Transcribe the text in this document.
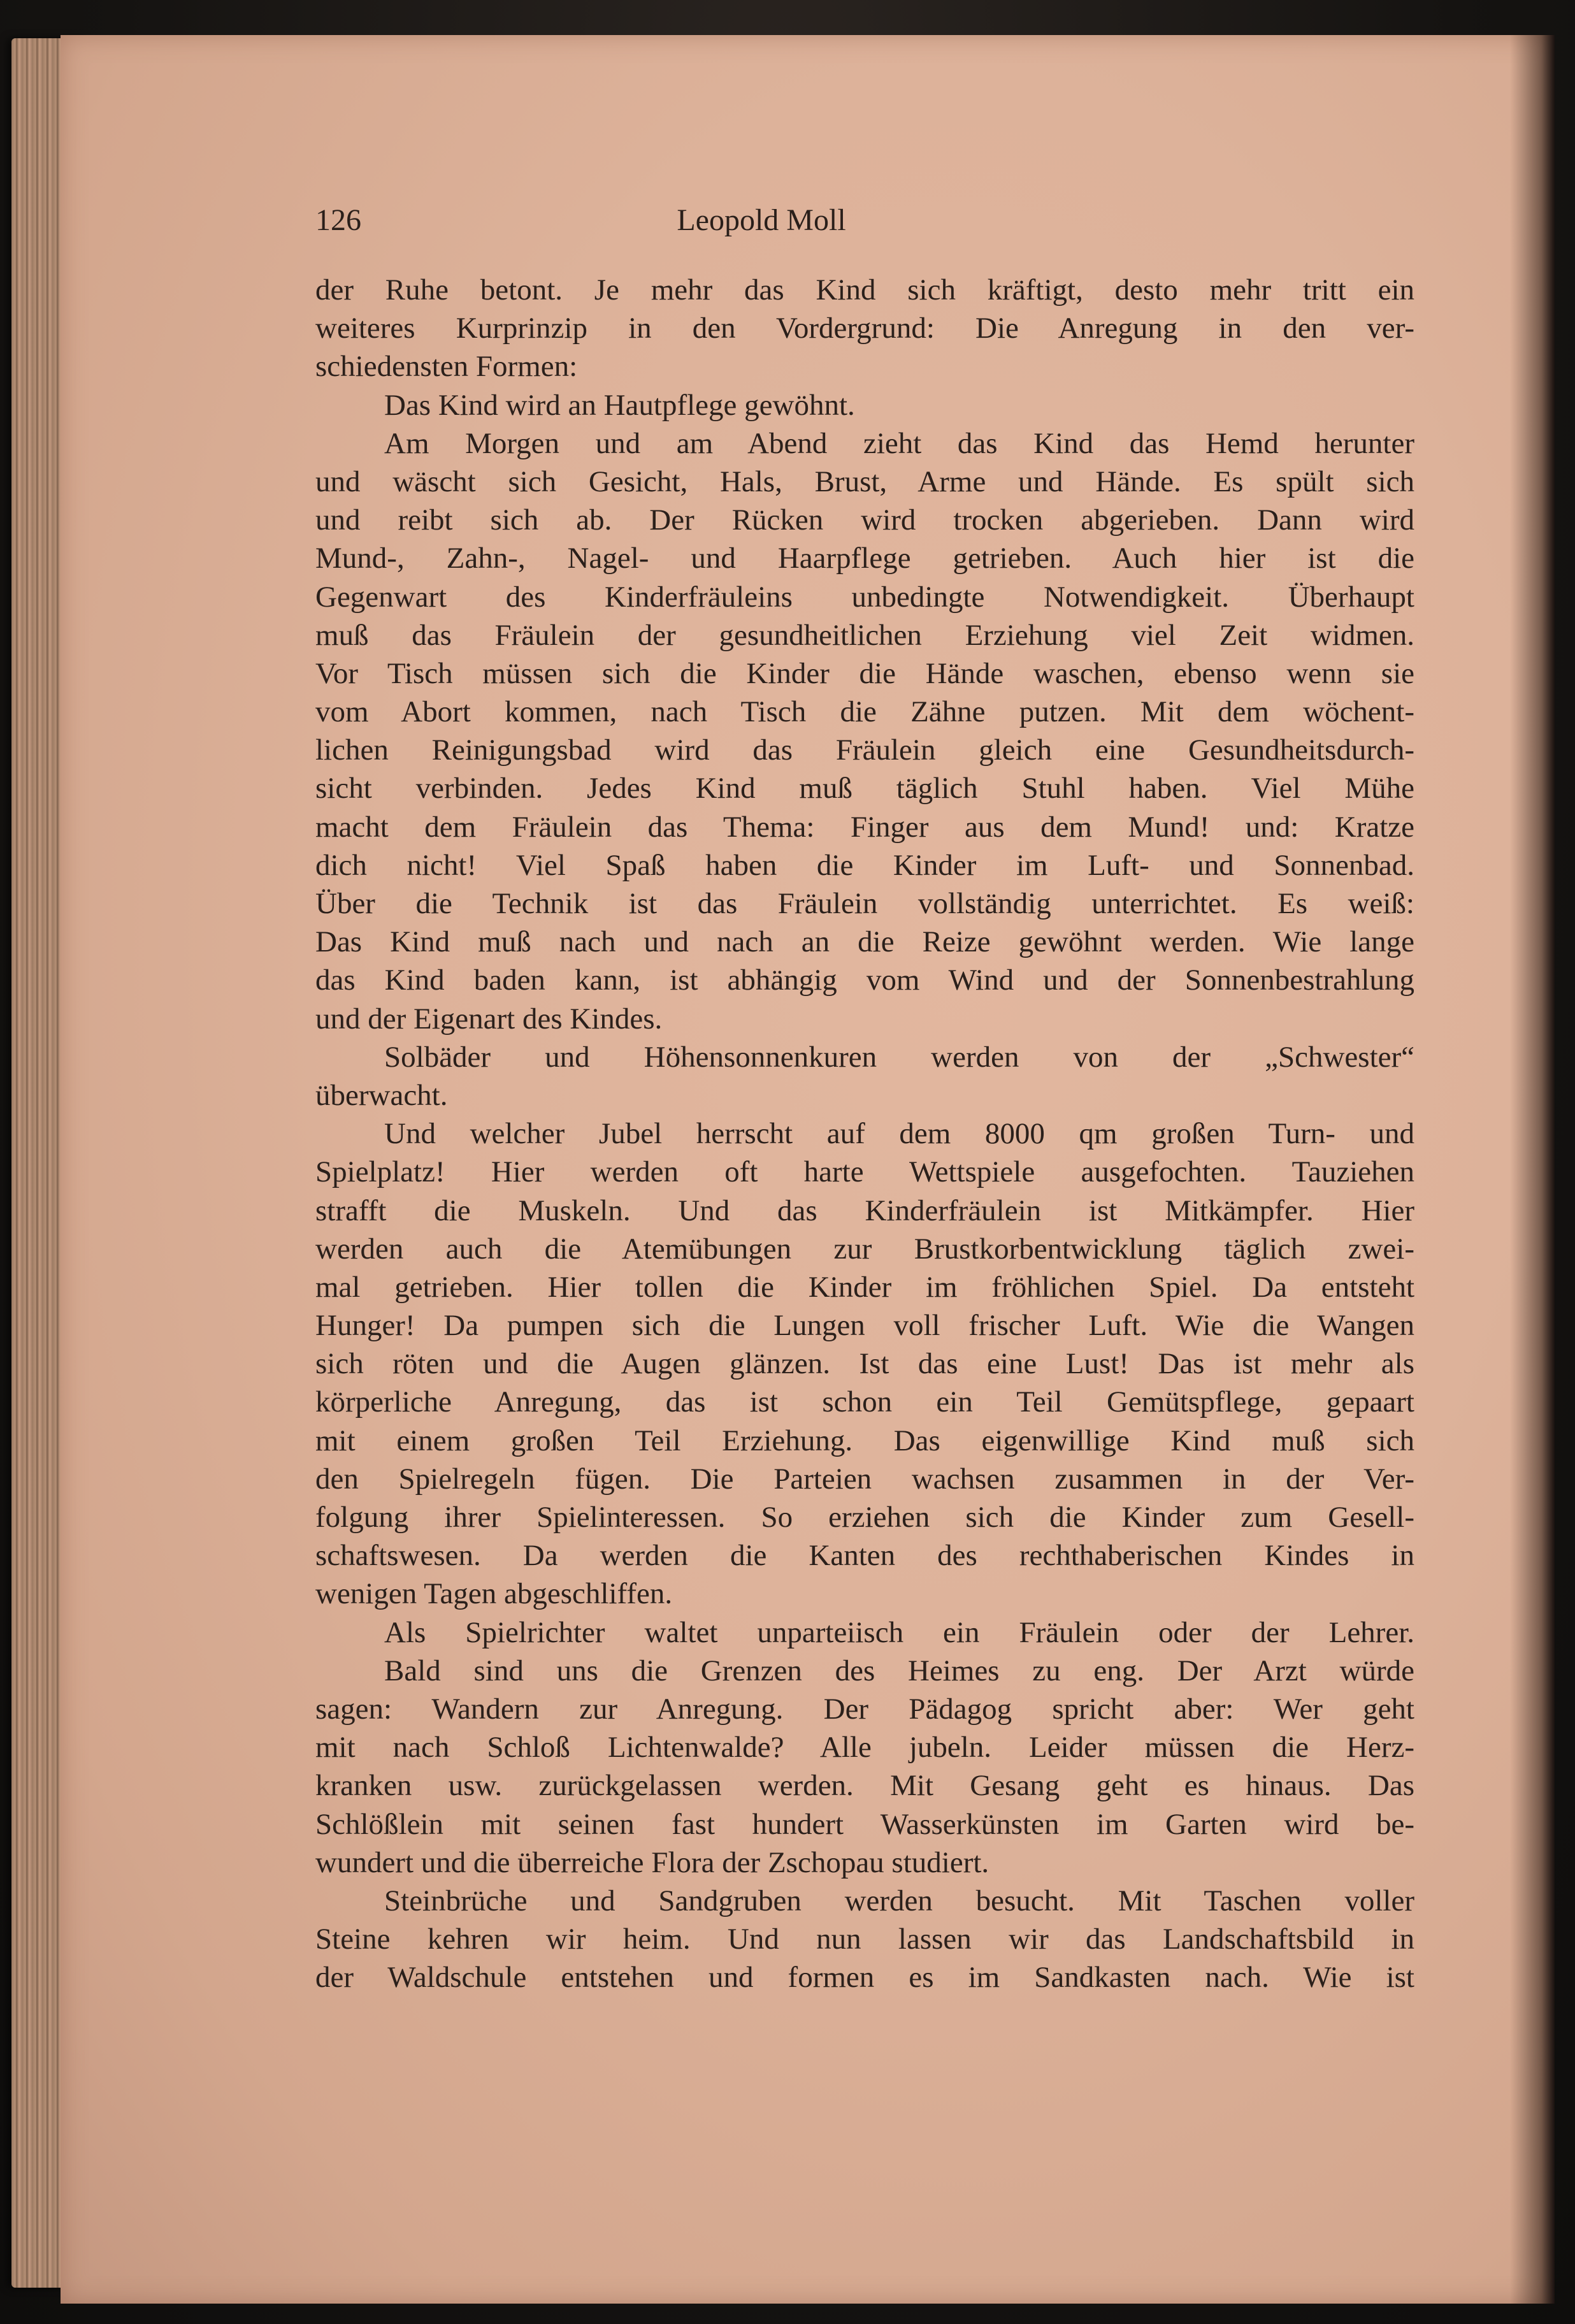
126	Leopold Moll
der Ruhe betont. Je mehr das Kind sich kräftigt, desto mehr tritt ein
weiteres Kurprinzip in den Vordergrund: Die Anregung in den ver-
schiedensten Formen:
Das Kind wird an Hautpflege gewöhnt.
Am Morgen und am Abend zieht das Kind das Hemd herunter
und wäscht sich Gesicht, Hals, Brust, Arme und Hände. Es spült sich
und reibt sich ab. Der Rücken wird trocken abgerieben. Dann wird
Mund-, Zahn-, Nagel- und Haarpflege getrieben. Auch hier ist die
Gegenwart des Kinderfräuleins unbedingte Notwendigkeit. Überhaupt
muß das Fräulein der gesundheitlichen Erziehung viel Zeit widmen.
Vor Tisch müssen sich die Kinder die Hände waschen, ebenso wenn sie
vom Abort kommen, nach Tisch die Zähne putzen. Mit dem wöchent-
lichen Reinigungsbad wird das Fräulein gleich eine Gesundheitsdurch-
sicht verbinden. Jedes Kind muß täglich Stuhl haben. Viel Mühe
macht dem Fräulein das Thema: Finger aus dem Mund! und: Kratze
dich nicht! Viel Spaß haben die Kinder im Luft- und Sonnenbad.
Über die Technik ist das Fräulein vollständig unterrichtet. Es weiß:
Das Kind muß nach und nach an die Reize gewöhnt werden. Wie lange
das Kind baden kann, ist abhängig vom Wind und der Sonnenbestrahlung
und der Eigenart des Kindes.
Solbäder und Höhensonnenkuren werden von der „Schwester“
überwacht.
Und welcher Jubel herrscht auf dem 8000 qm großen Turn- und
Spielplatz! Hier werden oft harte Wettspiele ausgefochten. Tauziehen
strafft die Muskeln. Und das Kinderfräulein ist Mitkämpfer. Hier
werden auch die Atemübungen zur Brustkorbentwicklung täglich zwei-
mal getrieben. Hier tollen die Kinder im fröhlichen Spiel. Da entsteht
Hunger! Da pumpen sich die Lungen voll frischer Luft. Wie die Wangen
sich röten und die Augen glänzen. Ist das eine Lust! Das ist mehr als
körperliche Anregung, das ist schon ein Teil Gemütspflege, gepaart
mit einem großen Teil Erziehung. Das eigenwillige Kind muß sich
den Spielregeln fügen. Die Parteien wachsen zusammen in der Ver-
folgung ihrer Spielinteressen. So erziehen sich die Kinder zum Gesell-
schaftswesen. Da werden die Kanten des rechthaberischen Kindes in
wenigen Tagen abgeschliffen.
Als Spielrichter waltet unparteiisch ein Fräulein oder der Lehrer.
Bald sind uns die Grenzen des Heimes zu eng. Der Arzt würde
sagen: Wandern zur Anregung. Der Pädagog spricht aber: Wer geht
mit nach Schloß Lichtenwalde? Alle jubeln. Leider müssen die Herz-
kranken usw. zurückgelassen werden. Mit Gesang geht es hinaus. Das
Schlößlein mit seinen fast hundert Wasserkünsten im Garten wird be-
wundert und die überreiche Flora der Zschopau studiert.
Steinbrüche und Sandgruben werden besucht. Mit Taschen voller
Steine kehren wir heim. Und nun lassen wir das Landschaftsbild in
der Waldschule entstehen und formen es im Sandkasten nach. Wie ist
